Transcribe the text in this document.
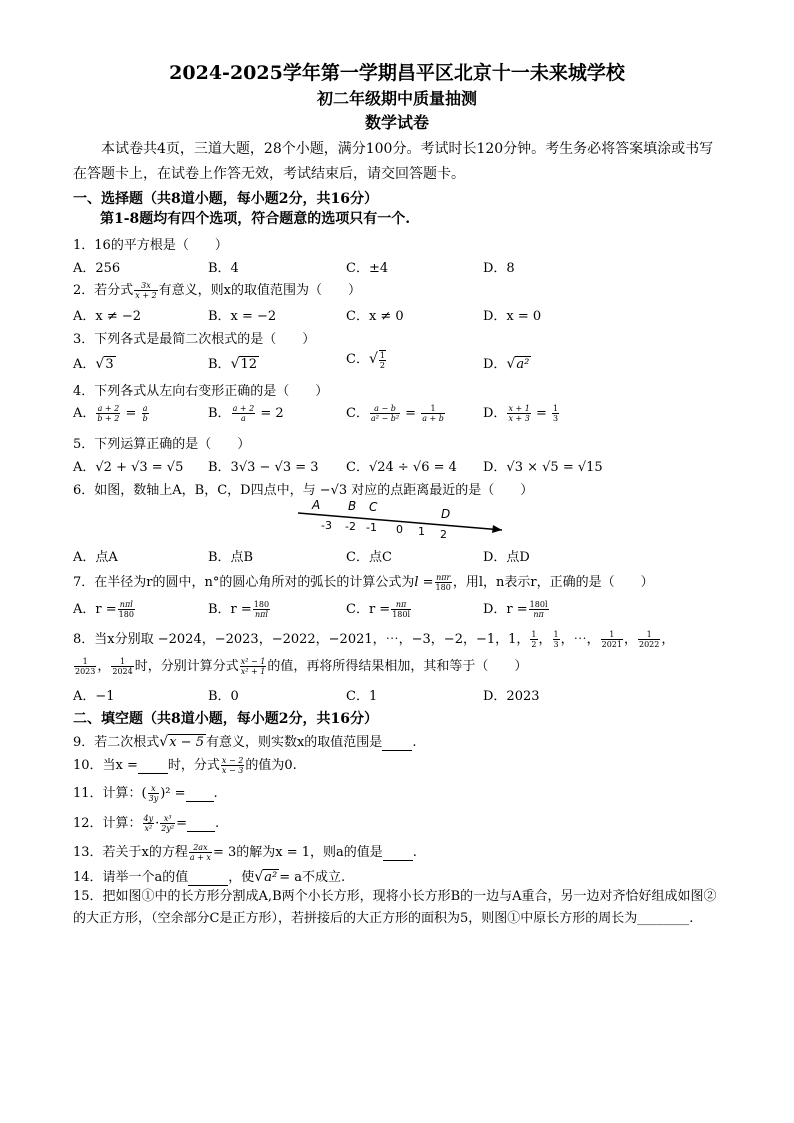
2024-2025学年第一学期昌平区北京十一未来城学校
初二年级期中质量抽测
数学试卷
本试卷共4页，三道大题，28个小题，满分100分。考试时长120分钟。考生务必将答案填涂或书写在答题卡上，在试卷上作答无效，考试结束后，请交回答题卡。
一、选择题（共8道小题，每小题2分，共16分）
第1-8题均有四个选项，符合题意的选项只有一个.
1．16的平方根是（　　）
A．256	B．4	C．±4	D．8
2．若分式 $\frac{3x}{x + 2}$ 有意义，则x的取值范围为（　　）
A．x ≠ −2	B．x = −2	C．x ≠ 0	D．x = 0
3．下列各式是最简二次根式的是（　　）
A．√3	B．√12	C．√ $\frac{1}{2}$	D．√a²
4．下列各式从左向右变形正确的是（　　）
A． $\frac{a + 2}{b + 2} = \frac{a}{b}$	B． $\frac{a + 2}{a} = 2$	C． $\frac{a - b}{\text{a² − b²}} = \frac{1}{a + b}$	D． $\frac{x + 1}{x + 3} = \frac{1}{3}$
5．下列运算正确的是（　　）
A．√2 + √3 = √5 B．3√3 − √3 = 3 C．√24 ÷ √6 = 4 D．√3 × √5 = √15
6．如图，数轴上A，B，C，D四点中，与 −√3 对应的点距离最近的是（　　）
A B C	D
-3 -2 -1 0 1 2
A．点A	B．点B	C．点C	D．点D
7．在半径为r的圆中，n°的圆心角所对的弧长的计算公式为$l = \frac{\text{nπr}}{180}$ ，用l，n表示r，正确的是（　　）
A．$r = \frac{\text{nπl}}{180}$	B．$r = \frac{180}{\text{nπl}}$	C．$r = \frac{n\pi}{180l}$	D．$r = \frac{180l}{n\pi}$
8．当x分别取 −2024，−2023，−2022，−2021，⋯，−3，−2，−1，1， $\frac{1}{2}$ ， $\frac{1}{3}$ ，⋯， $\frac{1}{2021}$ ， $\frac{1}{2022}$ ，
$\frac{1}{2023}$ ， $\frac{1}{2024}$ 时，分别计算分式 $\frac{\text{x² − 1}}{\text{x² + 1}}$ 的值，再将所得结果相加，其和等于（　　）
A．−1	B．0	C．1	D．2023
二、填空题（共8道小题，每小题2分，共16分）
9．若二次根式√x − 5 有意义，则实数x的取值范围是 .
10．当x = 时，分式 $\frac{x - 2}{x - 3}$ 的值为0.
11．计算：( $\frac{x}{3y} )^2$ = .
12．计算： $\frac{4y}{\text{x²}} \cdot \frac{\text{x³}}{\text{2y²}}$ = .
13．若关于x的方程 $\frac{2ax}{a + x} = 3$的解为x = 1，则a的值是 .
14．请举一个a的值	，使√a² = a不成立.
15．把如图①中的长方形分割成A,B两个小长方形，现将小长方形B的一边与A重合，另一边对齐恰好组成如图②的大正方形，（空余部分C是正方形），若拼接后的大正方形的面积为5，则图①中原长方形的周长为________.
